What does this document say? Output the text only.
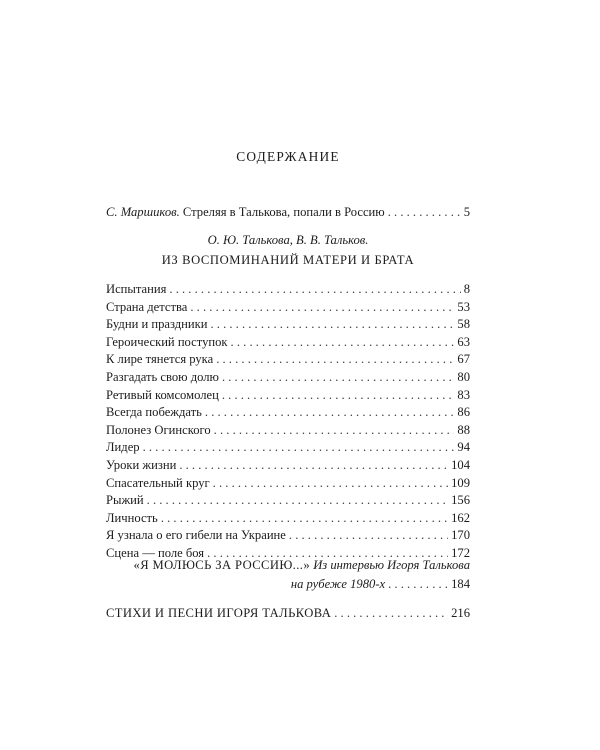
СОДЕРЖАНИЕ
С. Маршиков. Стреляя в Талькова, попали в Россию . . .	5
О. Ю. Талькова, В. В. Тальков.
ИЗ ВОСПОМИНАНИЙ МАТЕРИ И БРАТА
Испытания . . .	8
Страна детства . . .	53
Будни и праздники . . .	58
Героический поступок . . .	63
К лире тянется рука . . .	67
Разгадать свою долю . . .	80
Ретивый комсомолец . . .	83
Всегда побеждать . . .	86
Полонез Огинского . . .	88
Лидер . . .	94
Уроки жизни . . .	104
Спасательный круг . . .	109
Рыжий . . .	156
Личность . . .	162
Я узнала о его гибели на Украине . . .	170
Сцена — поле боя . . .	172
«Я МОЛЮСЬ ЗА РОССИЮ...» Из интервью Игоря Талькова
на рубеже 1980-х . . .	184
СТИХИ И ПЕСНИ ИГОРЯ ТАЛЬКОВА . . .	216
